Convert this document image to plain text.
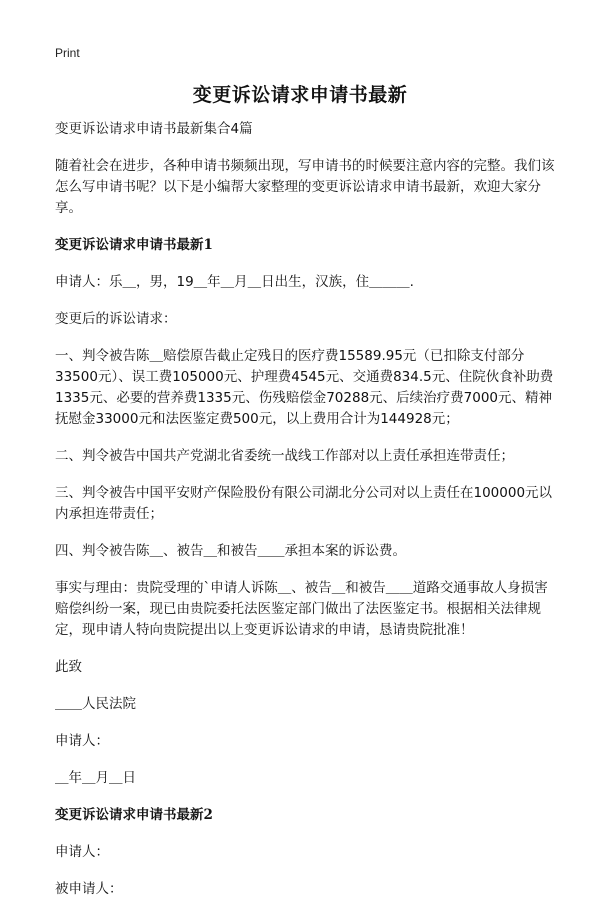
Print
变更诉讼请求申请书最新

变更诉讼请求申请书最新集合4篇

随着社会在进步，各种申请书频频出现，写申请书的时候要注意内容的完整。我们该怎么写申请书呢？以下是小编帮大家整理的变更诉讼请求申请书最新，欢迎大家分享。

变更诉讼请求申请书最新1

申请人：乐＿，男，19＿年＿月＿日出生，汉族，住＿＿＿.

变更后的诉讼请求：

一、判令被告陈＿赔偿原告截止定残日的医疗费15589.95元（已扣除支付部分33500元）、误工费105000元、护理费4545元、交通费834.5元、住院伙食补助费1335元、必要的营养费1335元、伤残赔偿金70288元、后续治疗费7000元、精神抚慰金33000元和法医鉴定费500元，以上费用合计为144928元；

二、判令被告中国共产党湖北省委统一战线工作部对以上责任承担连带责任；

三、判令被告中国平安财产保险股份有限公司湖北分公司对以上责任在100000元以内承担连带责任；

四、判令被告陈＿、被告＿和被告＿＿承担本案的诉讼费。

事实与理由：贵院受理的`申请人诉陈＿、被告＿和被告＿＿道路交通事故人身损害赔偿纠纷一案，现已由贵院委托法医鉴定部门做出了法医鉴定书。根据相关法律规定，现申请人特向贵院提出以上变更诉讼请求的申请，恳请贵院批准！

此致

＿＿人民法院

申请人：

＿年＿月＿日

变更诉讼请求申请书最新2

申请人：

被申请人：
